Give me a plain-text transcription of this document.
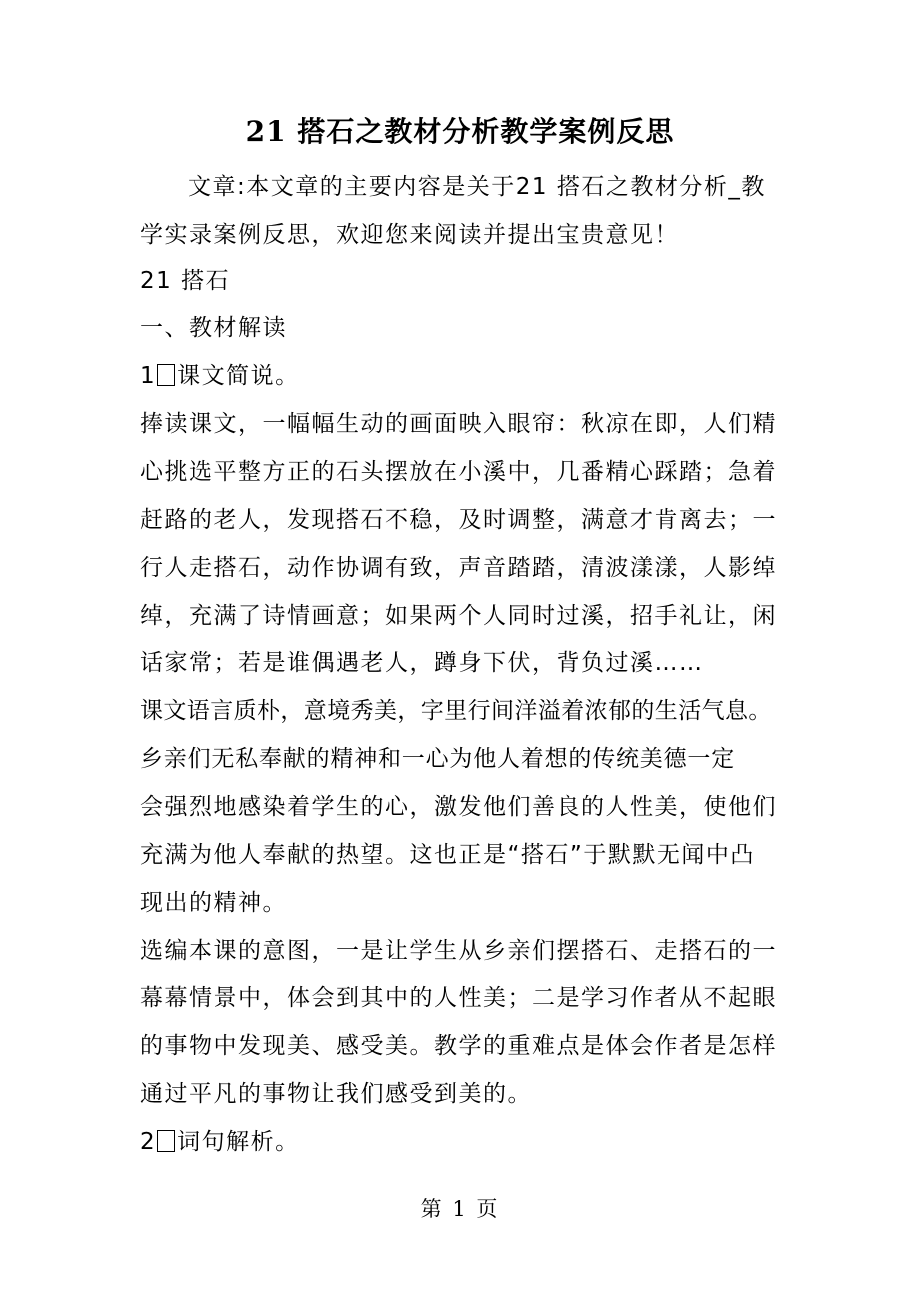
21 搭石之教材分析教学案例反思
文章:本文章的主要内容是关于21 搭石之教材分析_教
学实录案例反思，欢迎您来阅读并提出宝贵意见！
21 搭石
一、教材解读
1 课文简说。
捧读课文，一幅幅生动的画面映入眼帘：秋凉在即，人们精
心挑选平整方正的石头摆放在小溪中，几番精心踩踏；急着
赶路的老人，发现搭石不稳，及时调整，满意才肯离去；一
行人走搭石，动作协调有致，声音踏踏，清波漾漾，人影绰
绰，充满了诗情画意；如果两个人同时过溪，招手礼让，闲
话家常；若是谁偶遇老人，蹲身下伏，背负过溪……
课文语言质朴，意境秀美，字里行间洋溢着浓郁的生活气息。
乡亲们无私奉献的精神和一心为他人着想的传统美德一定
会强烈地感染着学生的心，激发他们善良的人性美，使他们
充满为他人奉献的热望。这也正是“搭石”于默默无闻中凸
现出的精神。
选编本课的意图，一是让学生从乡亲们摆搭石、走搭石的一
幕幕情景中，体会到其中的人性美；二是学习作者从不起眼
的事物中发现美、感受美。教学的重难点是体会作者是怎样
通过平凡的事物让我们感受到美的。
2 词句解析。
第 1 页
